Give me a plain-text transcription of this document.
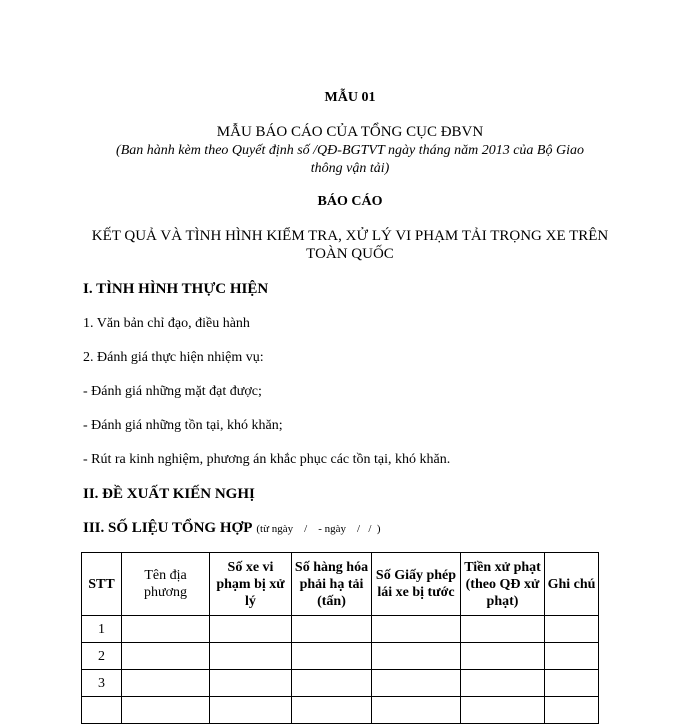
MẪU 01
MẪU BÁO CÁO CỦA TỔNG CỤC ĐBVN
(Ban hành kèm theo Quyết định số /QĐ-BGTVT ngày tháng năm 2013 của Bộ Giao
thông vận tải)
BÁO CÁO
KẾT QUẢ VÀ TÌNH HÌNH KIỂM TRA, XỬ LÝ VI PHẠM TẢI TRỌNG XE TRÊN
TOÀN QUỐC
I. TÌNH HÌNH THỰC HIỆN
1. Văn bản chỉ đạo, điều hành
2. Đánh giá thực hiện nhiệm vụ:
- Đánh giá những mặt đạt được;
- Đánh giá những tồn tại, khó khăn;
- Rút ra kinh nghiệm, phương án khắc phục các tồn tại, khó khăn.
II. ĐỀ XUẤT KIẾN NGHỊ
III. SỐ LIỆU TỔNG HỢP (từ ngày    /    - ngày    /   /  )
STT	Tên địa phương	Số xe vi phạm bị xử lý	Số hàng hóa phải hạ tải (tấn)	Số Giấy phép lái xe bị tước	Tiền xử phạt (theo QĐ xử phạt)	Ghi chú
1						
2						
3						
